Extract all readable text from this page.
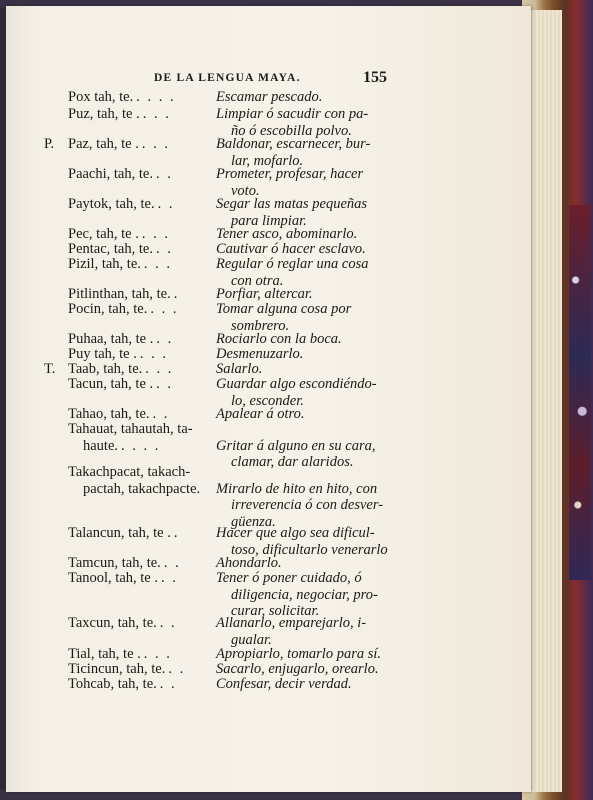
DE LA LENGUA MAYA.	155
Pox tah, te. . . . .	Escamar pescado.
Puz, tah, te . . . .	Limpiar ó sacudir con pa-
ño ó escobilla polvo.
P. Paz, tah, te . . . .	Baldonar, escarnecer, bur-
lar, mofarlo.
Paachi, tah, te. . .	Prometer, profesar, hacer
voto.
Paytok, tah, te. . .	Segar las matas pequeñas
para limpiar.
Pec, tah, te . . . .	Tener asco, abominarlo.
Pentac, tah, te. . .	Cautivar ó hacer esclavo.
Pizil, tah, te. . . .	Regular ó reglar una cosa
con otra.
Pitlinthan, tah, te. .	Porfiar, altercar.
Pocin, tah, te. . . .	Tomar alguna cosa por
sombrero.
Puhaa, tah, te . . .	Rociarlo con la boca.
Puy tah, te . . . .	Desmenuzarlo.
T. Taab, tah, te. . . .	Salarlo.
Tacun, tah, te . . .	Guardar algo escondiéndo-
lo, esconder.
Tahao, tah, te. . .	Apalear á otro.
Tahauat, tahautah, ta-
haute. . . . .	Gritar á alguno en su cara,
clamar, dar alaridos.
Takachpacat, takach-
pactah, takachpacte. Mirarlo de hito en hito, con
irreverencia ó con desver-
güenza.
Talancun, tah, te . .	Hacer que algo sea dificul-
toso, dificultarlo venerarlo
Tamcun, tah, te. . . Ahondarlo.
Tanool, tah, te . . .	Tener ó poner cuidado, ó
diligencia, negociar, pro-
curar, solicitar.
Taxcun, tah, te. . .	Allanarlo, emparejarlo, i-
gualar.
Tial, tah, te . . . .	Apropiarlo, tomarlo para sí.
Ticincun, tah, te. . . Sacarlo, enjugarlo, orearlo.
Tohcab, tah, te. . .	Confesar, decir verdad.
